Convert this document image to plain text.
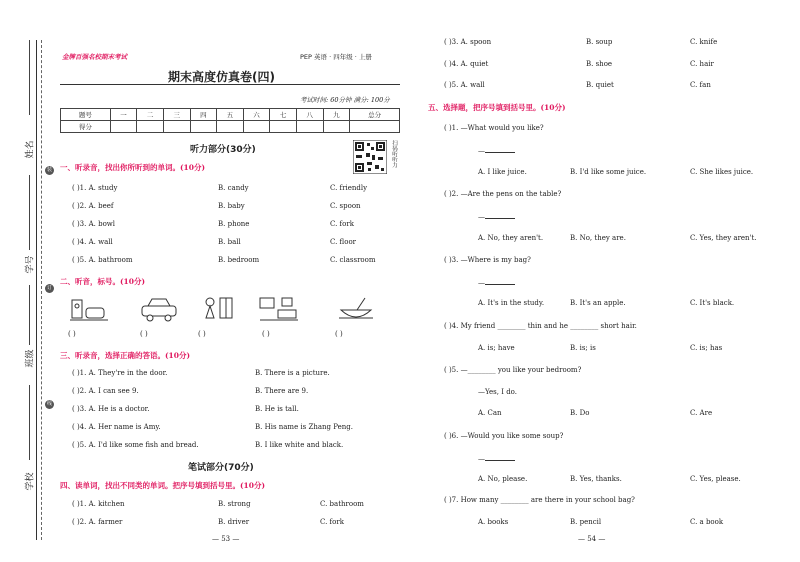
姓名
学号
班级
学校
装
订
线
金牌百强名校期末考试	PEP 英语 · 四年级 · 上册
期末高度仿真卷(四)
考试时间: 60分钟 满分: 100分
题号	一	二	三	四	五	六	七	八	九	总分
得分										
听力部分(30分)	扫码听听力
一、听录音，找出你所听到的单词。(10分)
( )1. A. study	B. candy	C. friendly
( )2. A. beef	B. baby	C. spoon
( )3. A. bowl	B. phone	C. fork
( )4. A. wall	B. ball	C. floor
( )5. A. bathroom	B. bedroom	C. classroom
二、听音，标号。(10分)
( )	( )	( )	( )	( )
三、听录音，选择正确的答语。(10分)
( )1. A. They're in the door.	B. There is a picture.
( )2. A. I can see 9.	B. There are 9.
( )3. A. He is a doctor.	B. He is tall.
( )4. A. Her name is Amy.	B. His name is Zhang Peng.
( )5. A. I'd like some fish and bread.	B. I like white and black.
笔试部分(70分)
四、读单词，找出不同类的单词。把序号填到括号里。(10分)
( )1. A. kitchen	B. strong	C. bathroom
( )2. A. farmer	B. driver	C. fork
— 53 —
( )3. A. spoon	B. soup	C. knife
( )4. A. quiet	B. shoe	C. hair
( )5. A. wall	B. quiet	C. fan
五、选择题，把序号填到括号里。(10分)
( )1. —What would you like?
—
A. I like juice.	B. I'd like some juice.	C. She likes juice.
( )2. —Are the pens on the table?
—
A. No, they aren't.	B. No, they are.	C. Yes, they aren't.
( )3. —Where is my bag?
—
A. It's in the study.	B. It's an apple.	C. It's black.
( )4. My friend ________ thin and he ________ short hair.
A. is; have	B. is; is	C. is; has
( )5. —________ you like your bedroom?
—Yes, I do.
A. Can	B. Do	C. Are
( )6. —Would you like some soup?
—
A. No, please.	B. Yes, thanks.	C. Yes, please.
( )7. How many ________ are there in your school bag?
A. books	B. pencil	C. a book
— 54 —
